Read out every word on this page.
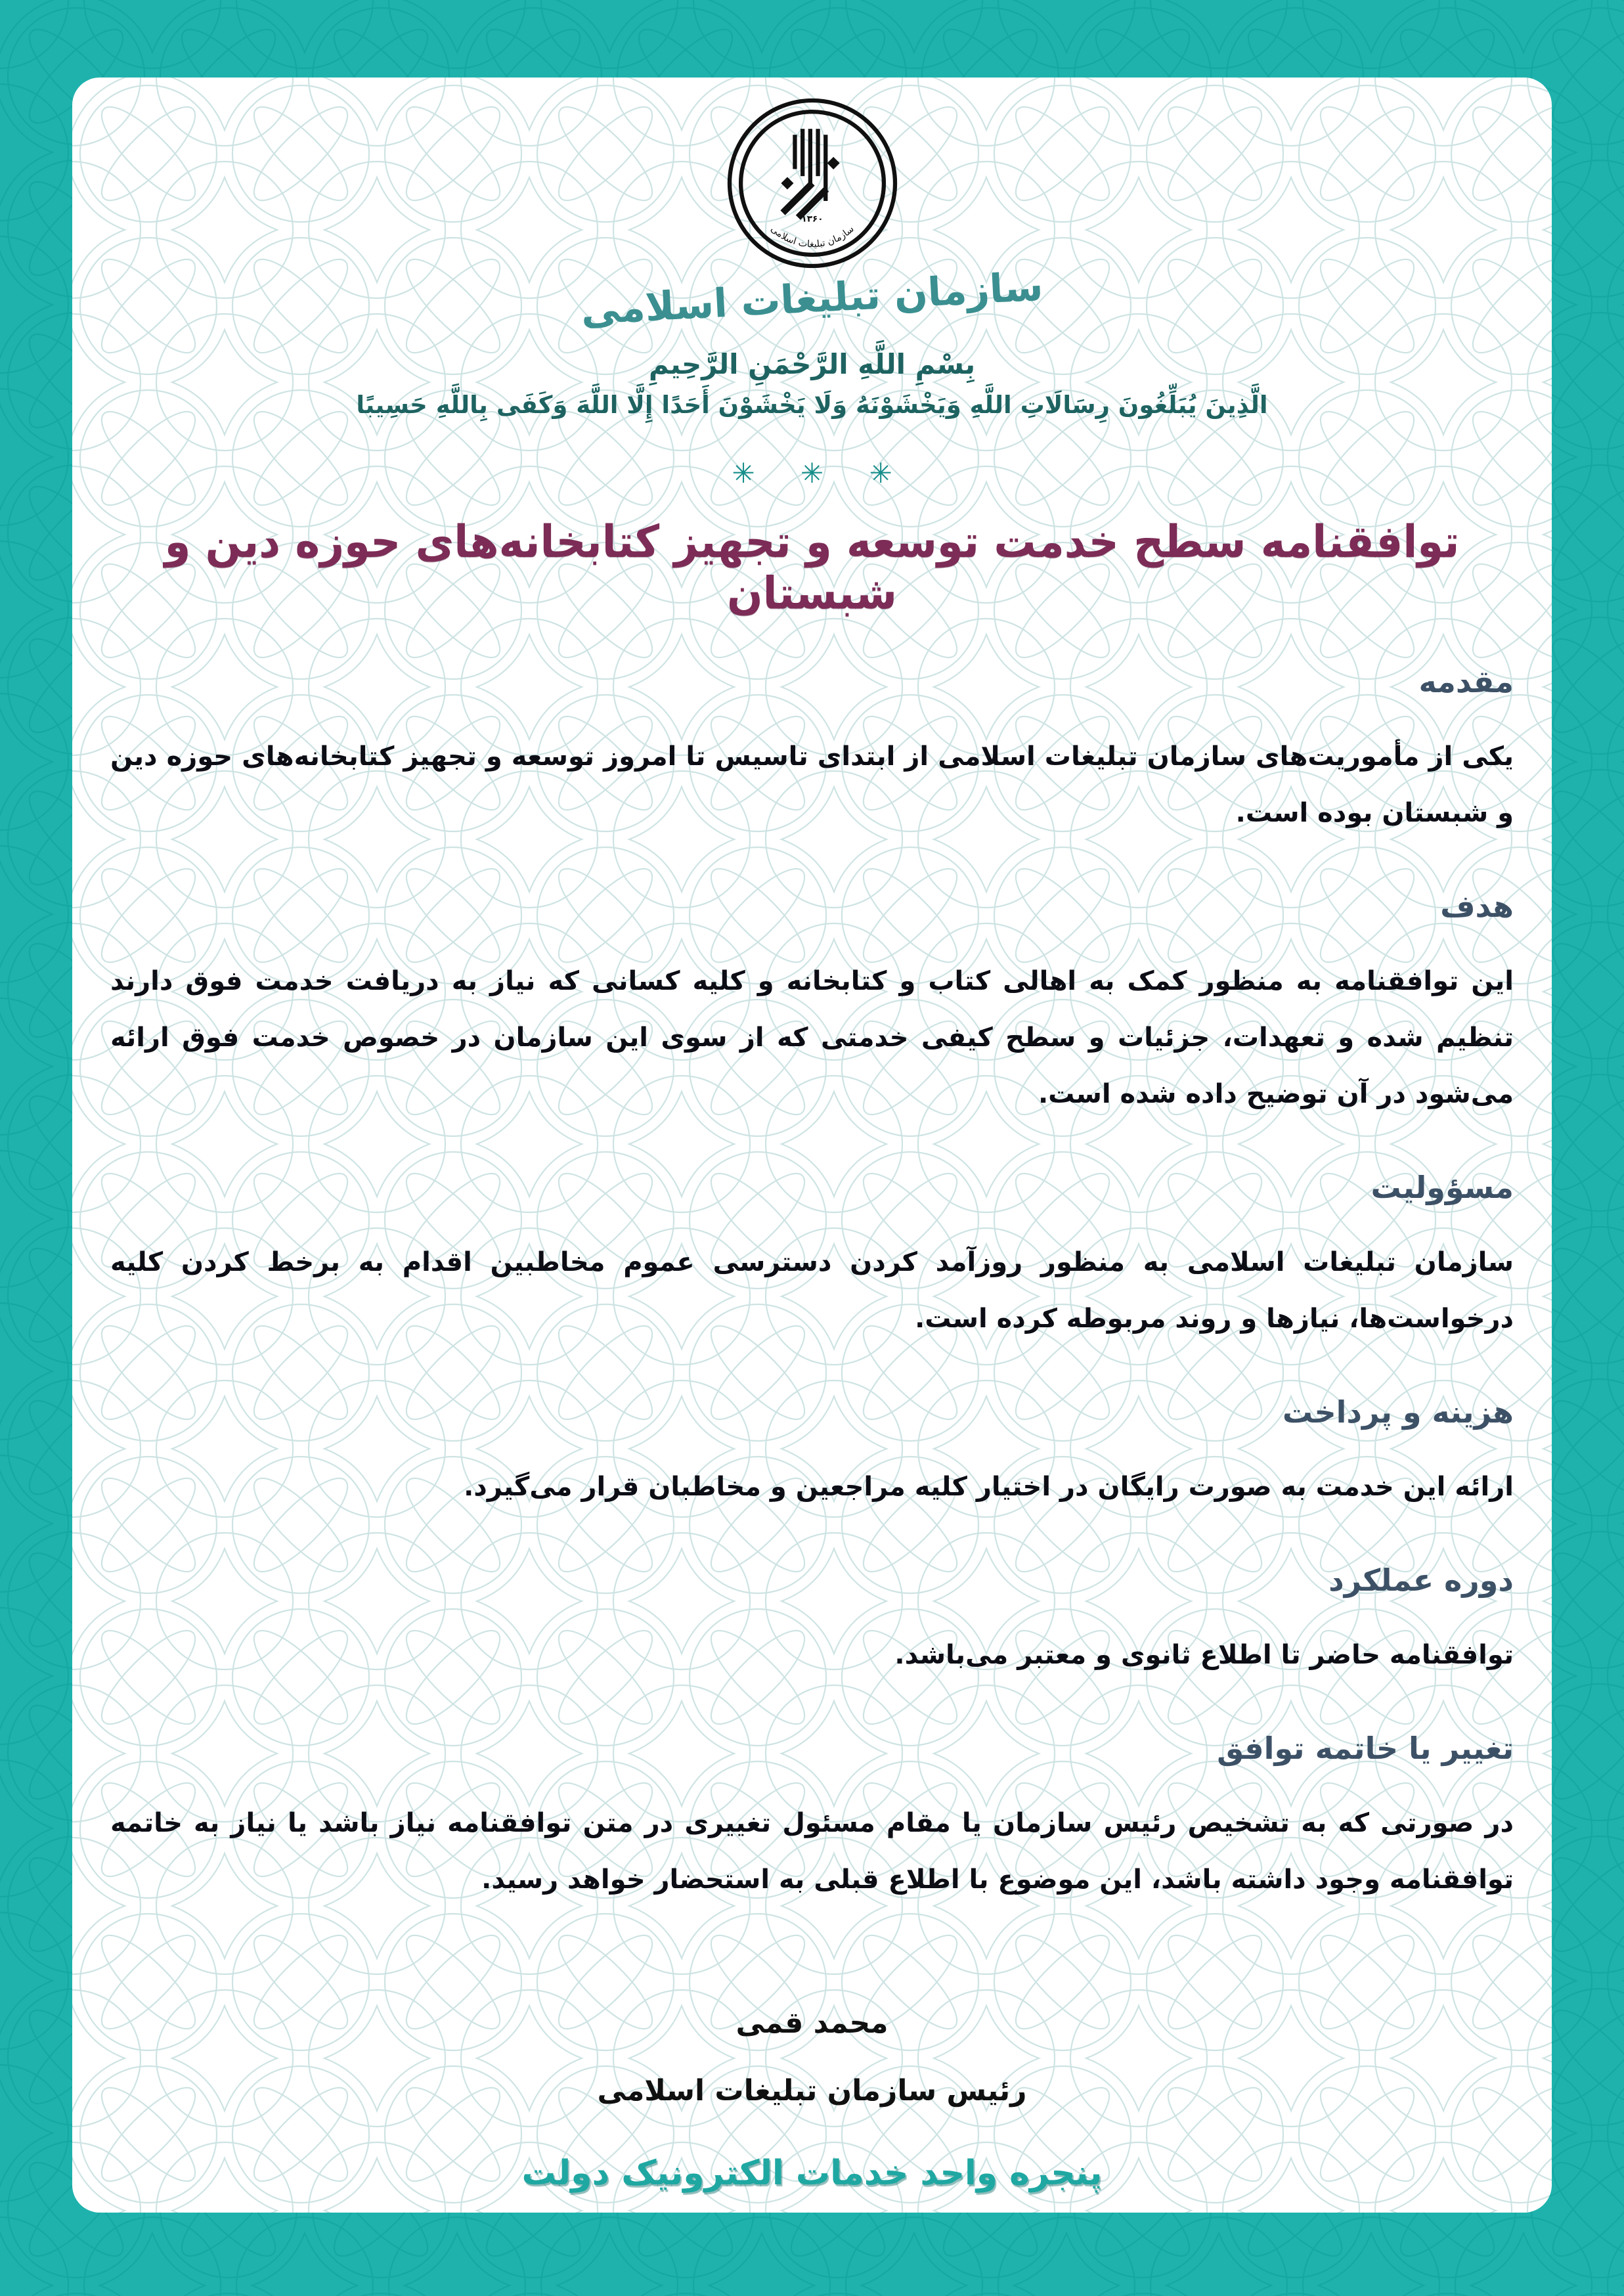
۱۳۶۰
سازمان تبلیغات اسلامی
سازمان تبلیغات اسلامی
بِسْمِ اللَّهِ الرَّحْمَنِ الرَّحِيمِ
الَّذِينَ يُبَلِّغُونَ رِسَالَاتِ اللَّهِ وَيَخْشَوْنَهُ وَلَا يَخْشَوْنَ أَحَدًا إِلَّا اللَّهَ وَكَفَى بِاللَّهِ حَسِيبًا
✳ ✳ ✳
توافقنامه سطح خدمت توسعه و تجهیز کتابخانه‌های حوزه دین و شبستان
مقدمه

یکی از مأموریت‌های سازمان تبلیغات اسلامی از ابتدای تاسیس تا امروز توسعه و تجهیز کتابخانه‌های حوزه دین و شبستان بوده است.

هدف

این توافقنامه به منظور کمک به اهالی کتاب و کتابخانه و کلیه کسانی که نیاز به دریافت خدمت فوق دارند تنظیم شده و تعهدات، جزئیات و سطح کیفی خدمتی که از سوی این سازمان در خصوص خدمت فوق ارائه می‌شود در آن توضیح داده شده است.

مسؤولیت

سازمان تبلیغات اسلامی به منظور روزآمد کردن دسترسی عموم مخاطبین اقدام به برخط کردن کلیه درخواست‌ها، نیازها و روند مربوطه کرده است.

هزینه و پرداخت

ارائه این خدمت به صورت رایگان در اختیار کلیه مراجعین و مخاطبان قرار می‌گیرد.

دوره عملکرد

توافقنامه حاضر تا اطلاع ثانوی و معتبر می‌باشد.

تغییر یا خاتمه توافق

در صورتی که به تشخیص رئیس سازمان یا مقام مسئول تغییری در متن توافقنامه نیاز باشد یا نیاز به خاتمه توافقنامه وجود داشته باشد، این موضوع با اطلاع قبلی به استحضار خواهد رسید.

محمد قمی
رئیس سازمان تبلیغات اسلامی
پنجره واحد خدمات الکترونیک دولت
